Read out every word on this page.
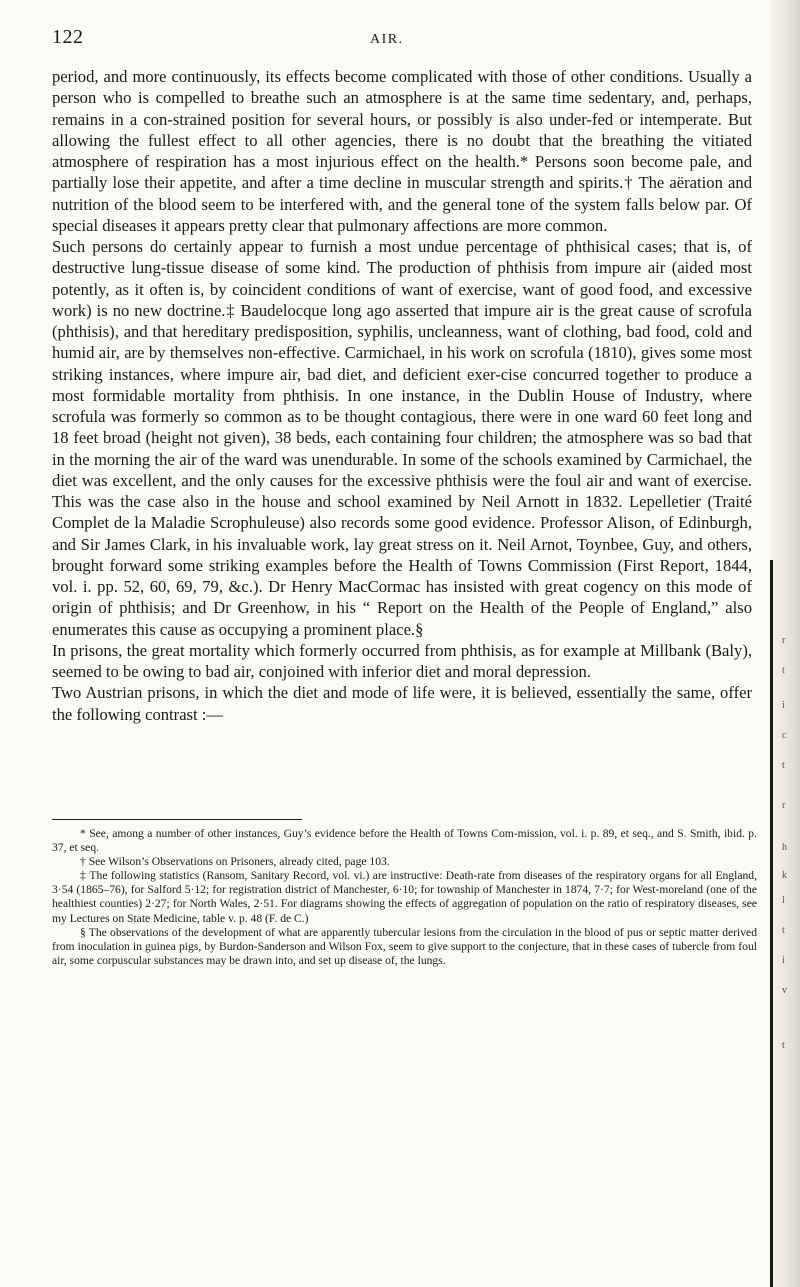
122	AIR.

period, and more continuously, its effects become complicated with those of other conditions. Usually a person who is compelled to breathe such an atmosphere is at the same time sedentary, and, perhaps, remains in a con-strained position for several hours, or possibly is also under-fed or intemperate. But allowing the fullest effect to all other agencies, there is no doubt that the breathing the vitiated atmosphere of respiration has a most injurious effect on the health.* Persons soon become pale, and partially lose their appetite, and after a time decline in muscular strength and spirits.† The aëration and nutrition of the blood seem to be interfered with, and the general tone of the system falls below par. Of special diseases it appears pretty clear that pulmonary affections are more common.

Such persons do certainly appear to furnish a most undue percentage of phthisical cases; that is, of destructive lung-tissue disease of some kind. The production of phthisis from impure air (aided most potently, as it often is, by coincident conditions of want of exercise, want of good food, and excessive work) is no new doctrine.‡ Baudelocque long ago asserted that impure air is the great cause of scrofula (phthisis), and that hereditary predisposition, syphilis, uncleanness, want of clothing, bad food, cold and humid air, are by themselves non-effective. Carmichael, in his work on scrofula (1810), gives some most striking instances, where impure air, bad diet, and deficient exer-cise concurred together to produce a most formidable mortality from phthisis. In one instance, in the Dublin House of Industry, where scrofula was formerly so common as to be thought contagious, there were in one ward 60 feet long and 18 feet broad (height not given), 38 beds, each containing four children; the atmosphere was so bad that in the morning the air of the ward was unendurable. In some of the schools examined by Carmichael, the diet was excellent, and the only causes for the excessive phthisis were the foul air and want of exercise. This was the case also in the house and school examined by Neil Arnott in 1832. Lepelletier (Traité Complet de la Maladie Scrophuleuse) also records some good evidence. Professor Alison, of Edinburgh, and Sir James Clark, in his invaluable work, lay great stress on it. Neil Arnot, Toynbee, Guy, and others, brought forward some striking examples before the Health of Towns Commission (First Report, 1844, vol. i. pp. 52, 60, 69, 79, &c.). Dr Henry MacCormac has insisted with great cogency on this mode of origin of phthisis; and Dr Greenhow, in his “ Report on the Health of the People of England,” also enumerates this cause as occupying a prominent place.§

In prisons, the great mortality which formerly occurred from phthisis, as for example at Millbank (Baly), seemed to be owing to bad air, conjoined with inferior diet and moral depression.

Two Austrian prisons, in which the diet and mode of life were, it is believed, essentially the same, offer the following contrast :—

* See, among a number of other instances, Guy’s evidence before the Health of Towns Com-mission, vol. i. p. 89, et seq., and S. Smith, ibid. p. 37, et seq.

† See Wilson’s Observations on Prisoners, already cited, page 103.

‡ The following statistics (Ransom, Sanitary Record, vol. vi.) are instructive: Death-rate from diseases of the respiratory organs for all England, 3·54 (1865–76), for Salford 5·12; for registration district of Manchester, 6·10; for township of Manchester in 1874, 7·7; for West-moreland (one of the healthiest counties) 2·27; for North Wales, 2·51. For diagrams showing the effects of aggregation of population on the ratio of respiratory diseases, see my Lectures on State Medicine, table v. p. 48 (F. de C.)

§ The observations of the development of what are apparently tubercular lesions from the circulation in the blood of pus or septic matter derived from inoculation in guinea pigs, by Burdon-Sanderson and Wilson Fox, seem to give support to the conjecture, that in these cases of tubercle from foul air, some corpuscular substances may be drawn into, and set up disease of, the lungs.

r

t

i

c

t

r

h

k

l

t

i

v

t
